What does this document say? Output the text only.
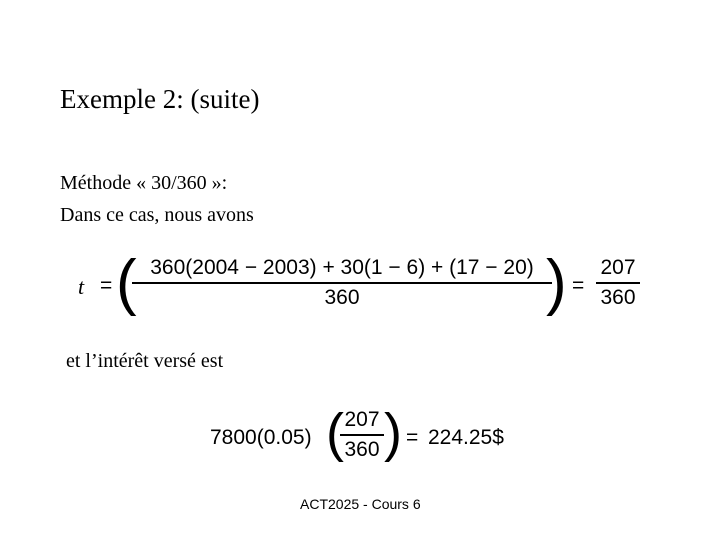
Exemple 2: (suite)
Méthode « 30/360 »:
Dans ce cas, nous avons
t = ( 360(2004 − 2003) + 30(1 − 6) + (17 − 20)
360	) =
207
360
et l’intérêt versé est
7800(0.05) ( 207
360 ) = 224.25$
ACT2025 - Cours 6
